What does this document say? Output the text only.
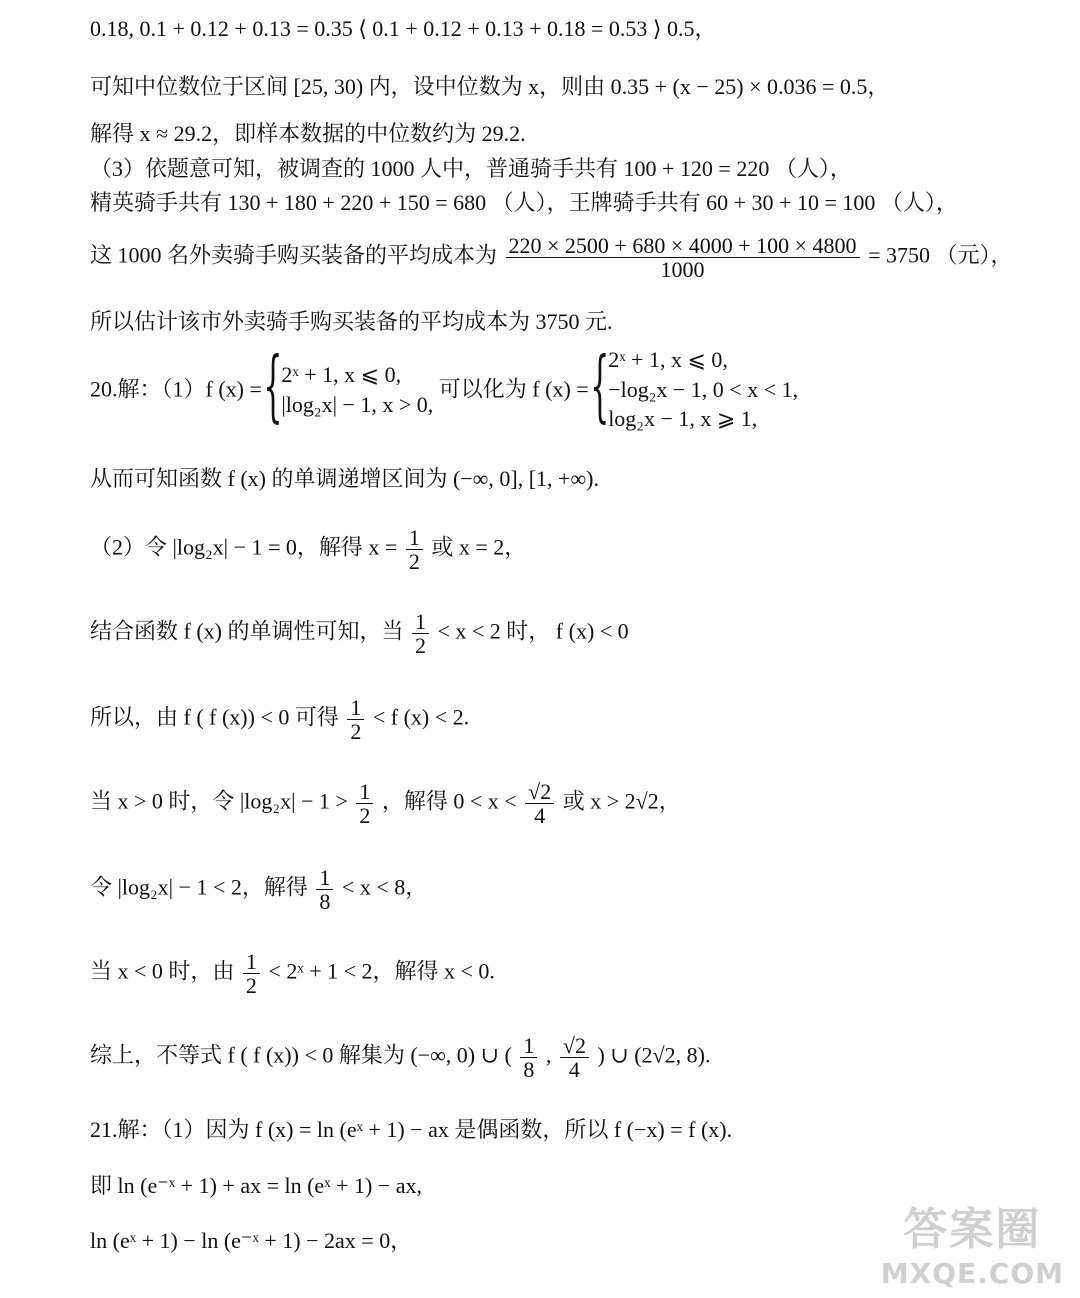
0.18, 0.1 + 0.12 + 0.13 = 0.35 ⟨ 0.1 + 0.12 + 0.13 + 0.18 = 0.53 ⟩ 0.5，
可知中位数位于区间 [25, 30) 内，设中位数为 x，则由 0.35 + (x − 25) × 0.036 = 0.5，
解得 x ≈ 29.2，即样本数据的中位数约为 29.2.
（3）依题意可知，被调查的 1000 人中，普通骑手共有 100 + 120 = 220 （人），
精英骑手共有 130 + 180 + 220 + 150 = 680 （人），王牌骑手共有 60 + 30 + 10 = 100 （人），
这 1000 名外卖骑手购买装备的平均成本为 $\frac{220 \times 2500 + 680 \times 4000 + 100 \times 4800}{1000} = 3750$ （元），
所以估计该市外卖骑手购买装备的平均成本为 3750 元.
20.解：（1）f (x) =
{ 2ˣ + 1, x ⩽ 0,
|log₂x| − 1, x > 0,
可以化为 f (x) =
{ 2ˣ + 1, x ⩽ 0,
−log₂x − 1, 0 < x < 1,
log₂x − 1, x ⩾ 1,
从而可知函数 f (x) 的单调递增区间为 (−∞, 0], [1, +∞).
（2）令 |log₂x| − 1 = 0，解得 $x = \frac{1}{2}$ 或 x = 2，
结合函数 f (x) 的单调性可知，当 $\frac{1}{2} < x < 2$ 时， f (x) < 0
所以，由 f ( f (x)) < 0 可得 $\frac{1}{2} < f$ (x) < 2.
当 x > 0 时，令 $|\log_2x| - 1 > \frac{1}{2}$ ，解得 $0 < x < \frac{√2}{4}$ 或 x > 2√2，
令 |log₂x| − 1 < 2，解得 $\frac{1}{8} < x < 8$，
当 x < 0 时，由 $\frac{1}{2}$ < 2ˣ + 1 < 2，解得 x < 0.
综上，不等式 f ( f (x)) < 0 解集为 (−∞, 0) ∪ ( $\frac{1}{8}$ , $\frac{√2}{4}$ ) ∪ (2√2, 8).
21.解：（1）因为 f (x) = ln (eˣ + 1) − ax 是偶函数，所以 f (−x) = f (x).
即 ln (e⁻ˣ + 1) + ax = ln (eˣ + 1) − ax,
ln (eˣ + 1) − ln (e⁻ˣ + 1) − 2ax = 0，	答案圈
MXQE.COM
